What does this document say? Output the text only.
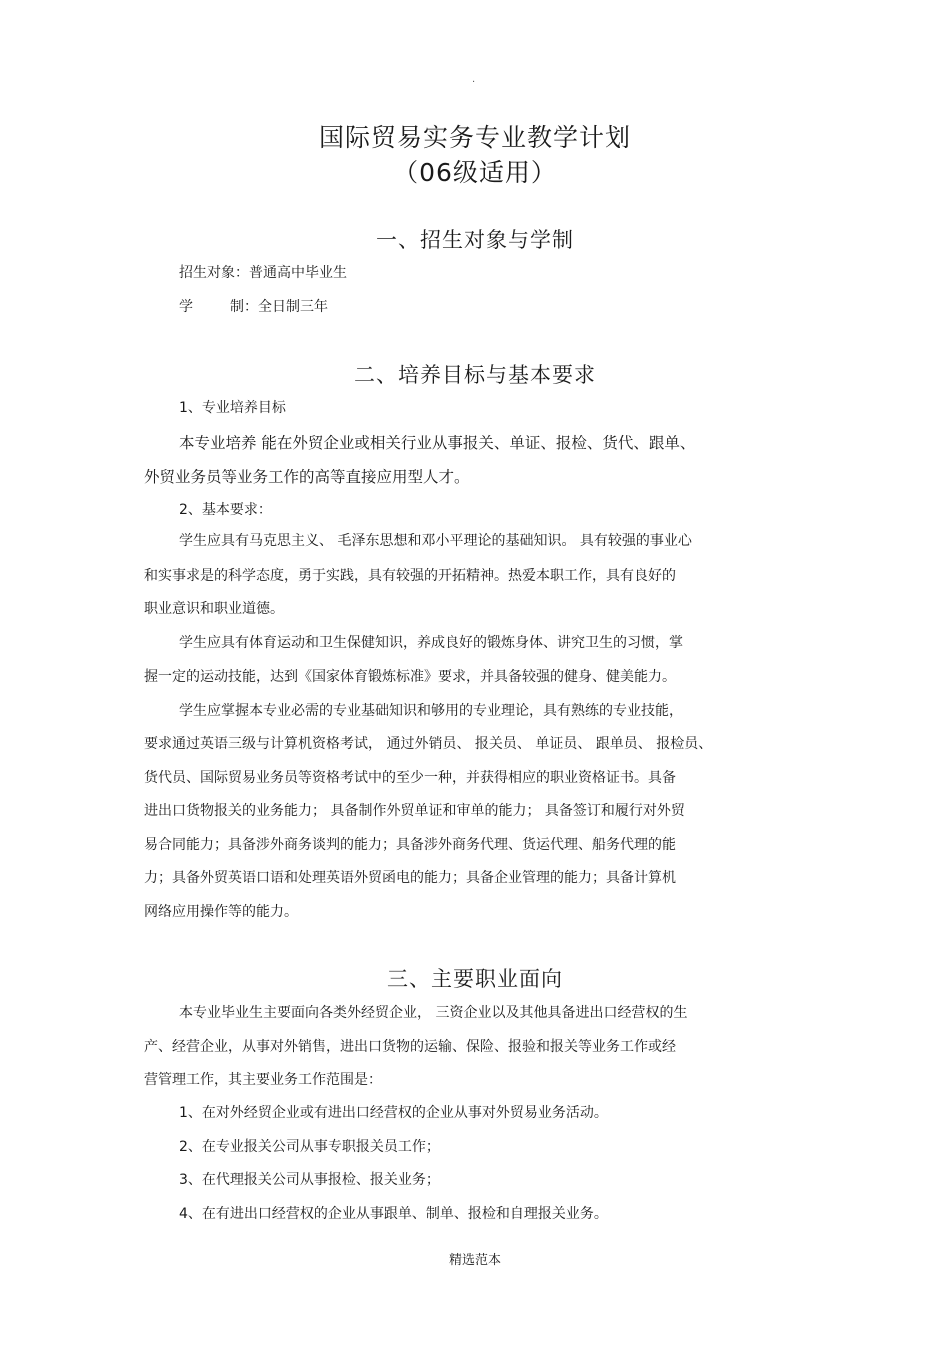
.
国际贸易实务专业教学计划
（06级适用）
一、招生对象与学制
招生对象：普通高中毕业生
学	制：全日制三年
二、培养目标与基本要求
1、专业培养目标
本专业培养 能在外贸企业或相关行业从事报关、单证、报检、货代、跟单、
外贸业务员等业务工作的高等直接应用型人才。
2、基本要求：
学生应具有马克思主义、 毛泽东思想和邓小平理论的基础知识。 具有较强的事业心
和实事求是的科学态度，勇于实践，具有较强的开拓精神。热爱本职工作，具有良好的
职业意识和职业道德。
学生应具有体育运动和卫生保健知识，养成良好的锻炼身体、讲究卫生的习惯，掌
握一定的运动技能，达到《国家体育锻炼标准》要求，并具备较强的健身、健美能力。
学生应掌握本专业必需的专业基础知识和够用的专业理论，具有熟练的专业技能，
要求通过英语三级与计算机资格考试， 通过外销员、 报关员、 单证员、 跟单员、 报检员、
货代员、国际贸易业务员等资格考试中的至少一种，并获得相应的职业资格证书。具备
进出口货物报关的业务能力； 具备制作外贸单证和审单的能力； 具备签订和履行对外贸
易合同能力；具备涉外商务谈判的能力；具备涉外商务代理、货运代理、船务代理的能
力；具备外贸英语口语和处理英语外贸函电的能力；具备企业管理的能力；具备计算机
网络应用操作等的能力。
三、主要职业面向
本专业毕业生主要面向各类外经贸企业， 三资企业以及其他具备进出口经营权的生
产、经营企业，从事对外销售，进出口货物的运输、保险、报验和报关等业务工作或经
营管理工作，其主要业务工作范围是：
1、在对外经贸企业或有进出口经营权的企业从事对外贸易业务活动。
2、在专业报关公司从事专职报关员工作；
3、在代理报关公司从事报检、报关业务；
4、在有进出口经营权的企业从事跟单、制单、报检和自理报关业务。
精选范本
